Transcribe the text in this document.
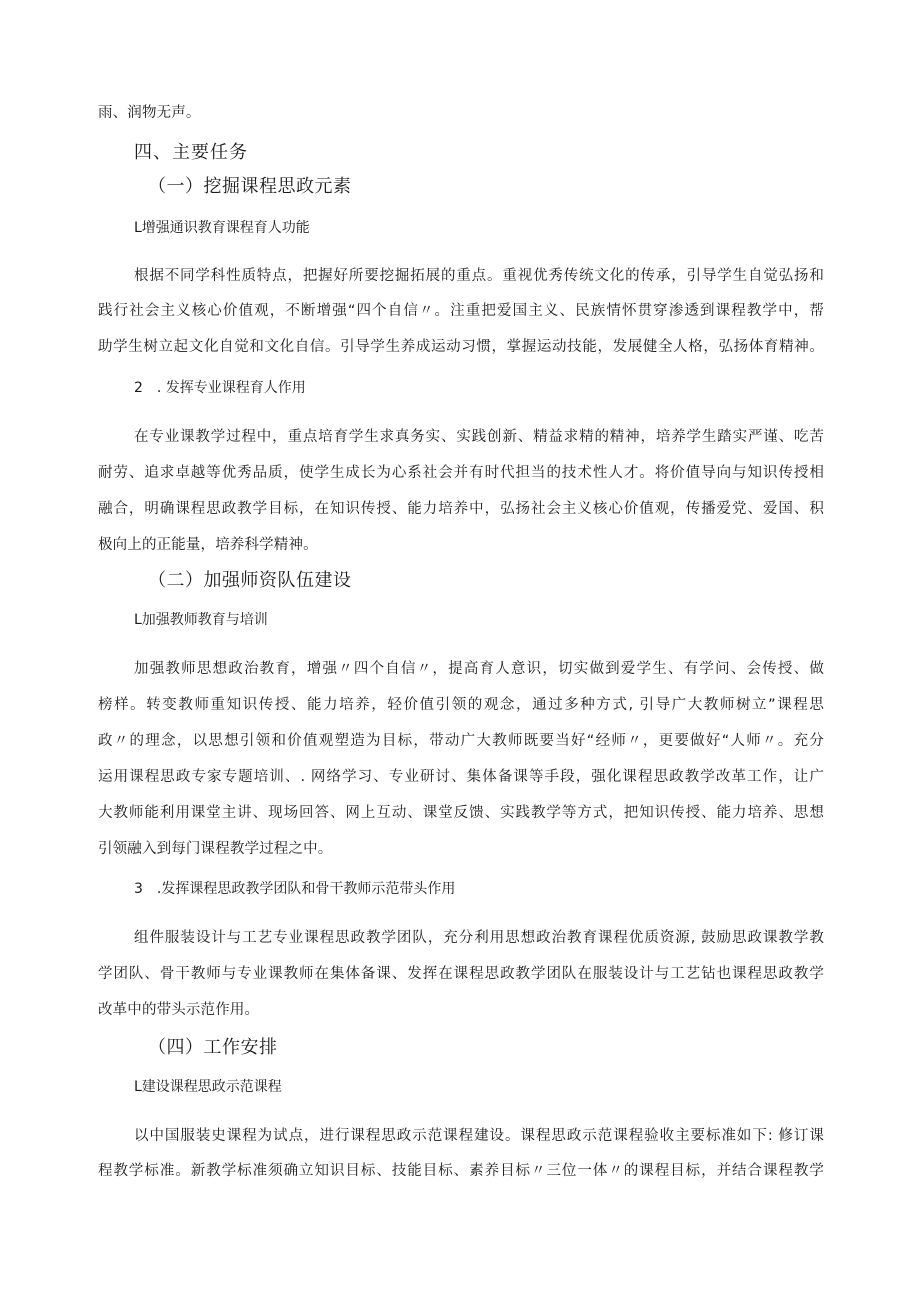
雨、润物无声。
四、主要任务
（一）挖掘课程思政元素
L增强通识教育课程育人功能
根据不同学科性质特点，把握好所要挖掘拓展的重点。重视优秀传统文化的传承，引导学生自觉弘扬和
践行社会主义核心价值观，不断增强“四个自信〃。注重把爱国主义、民族情怀贯穿渗透到课程教学中，帮
助学生树立起文化自觉和文化自信。引导学生养成运动习惯，掌握运动技能，发展健全人格，弘扬体育精神。
2　. 发挥专业课程育人作用
在专业课教学过程中，重点培育学生求真务实、实践创新、精益求精的精神，培养学生踏实严谨、吃苦
耐劳、追求卓越等优秀品质，使学生成长为心系社会并有时代担当的技术性人才。将价值导向与知识传授相
融合，明确课程思政教学目标，在知识传授、能力培养中，弘扬社会主义核心价值观，传播爱党、爱国、积
极向上的正能量，培养科学精神。
（二）加强师资队伍建设
L加强教师教育与培训
加强教师思想政治教育，增强〃四个自信〃，提高育人意识，切实做到爱学生、有学问、会传授、做
榜样。转变教师重知识传授、能力培养，轻价值引领的观念，通过多种方式, 引导广大教师树立”课程思
政〃的理念，以思想引领和价值观塑造为目标，带动广大教师既要当好“经师〃，更要做好“人师〃。充分
运用课程思政专家专题培训、. 网络学习、专业研讨、集体备课等手段，强化课程思政教学改革工作，让广
大教师能利用课堂主讲、现场回答、网上互动、课堂反馈、实践教学等方式，把知识传授、能力培养、思想
引领融入到每门课程教学过程之中。
3　.发挥课程思政教学团队和骨干教师示范带头作用
组件服装设计与工艺专业课程思政教学团队，充分利用思想政治教育课程优质资源, 鼓励思政课教学教
学团队、骨干教师与专业课教师在集体备课、发挥在课程思政教学团队在服装设计与工艺钻也课程思政教学
改革中的带头示范作用。
（四）工作安排
L建设课程思政示范课程
以中国服装史课程为试点，进行课程思政示范课程建设。课程思政示范课程验收主要标准如下: 修订课
程教学标准。新教学标准须确立知识目标、技能目标、素养目标〃三位一体〃的课程目标，并结合课程教学
